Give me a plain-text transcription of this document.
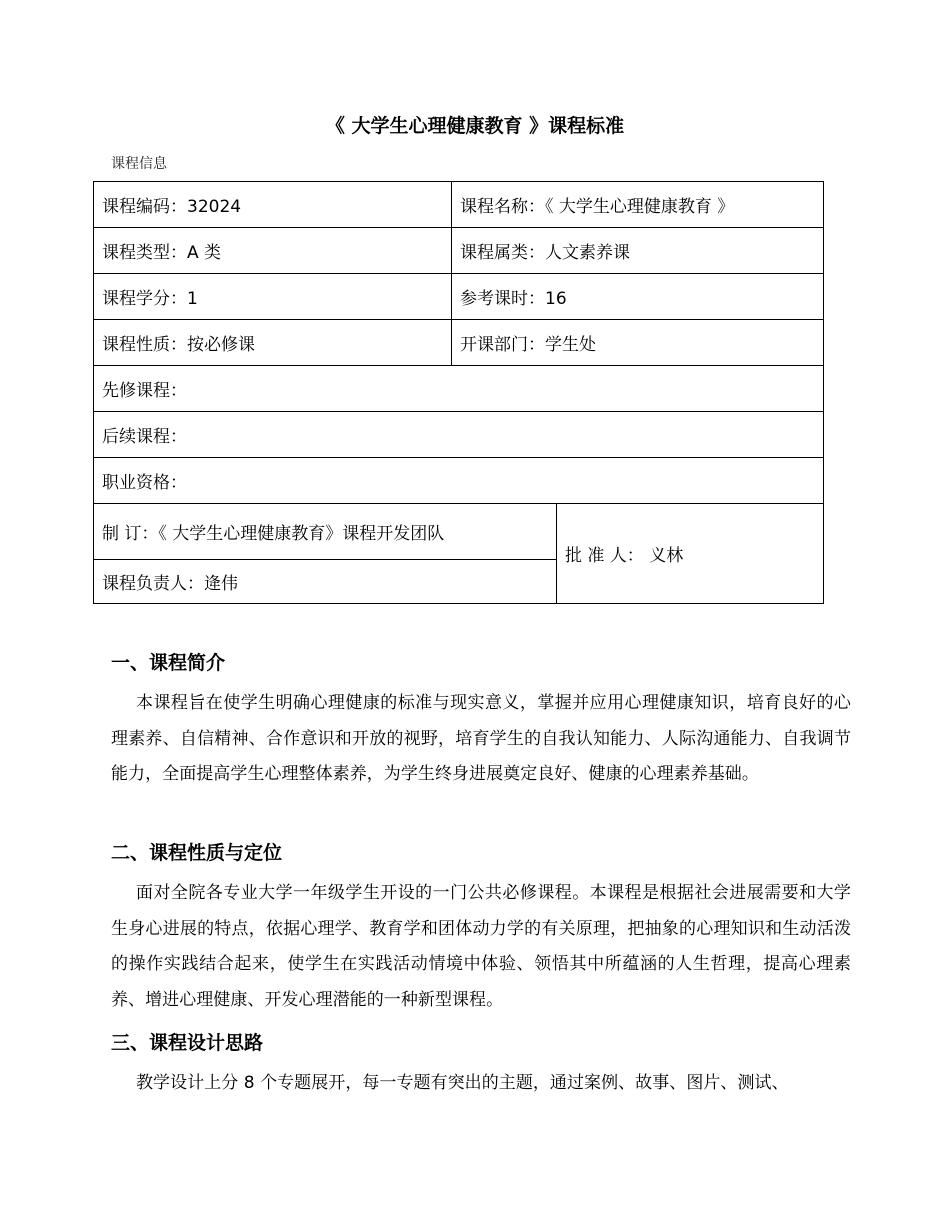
《 大学生心理健康教育 》课程标准
课程信息
课程编码：32024	课程名称：《 大学生心理健康教育 》	
课程类型：A 类	课程属类：人文素养课	
课程学分：1	参考课时：16	
课程性质：按必修课	开课部门：学生处	
先修课程：		
后续课程：		
职业资格：		
制 订：《 大学生心理健康教育》课程开发团队		批 准 人： 义林
课程负责人：逄伟		
一、课程简介
本课程旨在使学生明确心理健康的标准与现实意义，掌握并应用心理健康知识，培育良好的心理素养、自信精神、合作意识和开放的视野，培育学生的自我认知能力、人际沟通能力、自我调节能力，全面提高学生心理整体素养，为学生终身进展奠定良好、健康的心理素养基础。
二、课程性质与定位
面对全院各专业大学一年级学生开设的一门公共必修课程。本课程是根据社会进展需要和大学生身心进展的特点，依据心理学、教育学和团体动力学的有关原理，把抽象的心理知识和生动活泼的操作实践结合起来，使学生在实践活动情境中体验、领悟其中所蕴涵的人生哲理，提高心理素养、增进心理健康、开发心理潜能的一种新型课程。
三、课程设计思路
教学设计上分 8 个专题展开，每一专题有突出的主题，通过案例、故事、图片、测试、
